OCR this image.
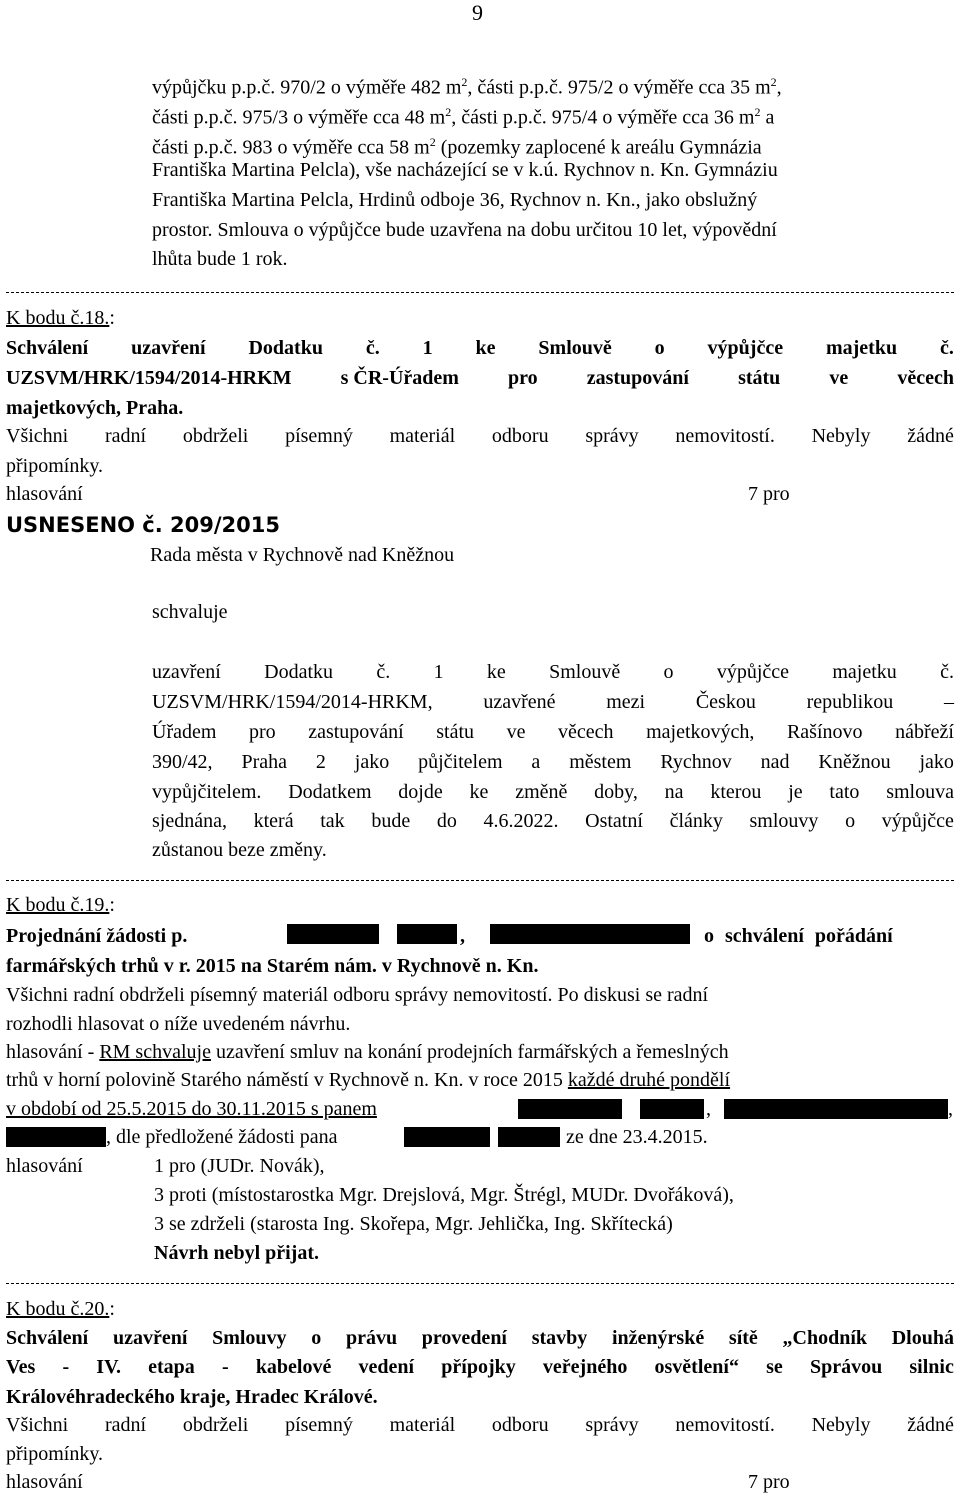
9
výpůjčku p.p.č. 970/2 o výměře 482 $m^2$, části p.p.č. 975/2 o výměře cca 35 $m^2$,
části p.p.č. 975/3 o výměře cca 48 $m^2$, části p.p.č. 975/4 o výměře cca 36 $m^2$ a
části p.p.č. 983 o výměře cca 58 $m^2$ (pozemky zaplocené k areálu Gymnázia
Františka Martina Pelcla), vše nacházející se v k.ú. Rychnov n. Kn. Gymnáziu
Františka Martina Pelcla, Hrdinů odboje 36, Rychnov n. Kn., jako obslužný
prostor. Smlouva o výpůjčce bude uzavřena na dobu určitou 10 let, výpovědní
lhůta bude 1 rok.
K bodu č.18.:
Schválení uzavření Dodatku č. 1 ke Smlouvě o výpůjčce majetku č.
UZSVM/HRK/1594/2014-HRKM s ČR-Úřadem pro zastupování státu ve věcech
majetkových, Praha.
Všichni radní obdrželi písemný materiál odboru správy nemovitostí. Nebyly žádné
připomínky.
hlasování	7 pro
USNESENO č. 209/2015
Rada města v Rychnově nad Kněžnou
schvaluje
uzavření Dodatku č. 1 ke Smlouvě o výpůjčce majetku č.
UZSVM/HRK/1594/2014-HRKM,	uzavřené	mezi	Českou	republikou	–
Úřadem pro zastupování státu ve věcech majetkových, Rašínovo nábřeží
390/42, Praha 2 jako půjčitelem a městem Rychnov nad Kněžnou jako
vypůjčitelem. Dodatkem dojde ke změně doby, na kterou je tato smlouva
sjednána, která tak bude do 4.6.2022. Ostatní články smlouvy o výpůjčce
zůstanou beze změny.
K bodu č.19.:
Projednání žádosti p.	,	o schválení pořádání
farmářských trhů v r. 2015 na Starém nám. v Rychnově n. Kn.
Všichni radní obdrželi písemný materiál odboru správy nemovitostí. Po diskusi se radní
rozhodli hlasovat o níže uvedeném návrhu.
hlasování - RM schvaluje uzavření smluv na konání prodejních farmářských a řemeslných
trhů v horní polovině Starého náměstí v Rychnově n. Kn. v roce 2015 každé druhé pondělí
v období od 25.5.2015 do 30.11.2015 s panem	,	,
, dle předložené žádosti pana	ze dne 23.4.2015.
hlasování	1 pro (JUDr. Novák),
3 proti (místostarostka Mgr. Drejslová, Mgr. Štrégl, MUDr. Dvořáková),
3 se zdrželi (starosta Ing. Skořepa, Mgr. Jehlička, Ing. Skřítecká)
Návrh nebyl přijat.
K bodu č.20.:
Schválení uzavření Smlouvy o právu provedení stavby inženýrské sítě „Chodník Dlouhá
Ves - IV. etapa - kabelové vedení přípojky veřejného osvětlení“ se Správou silnic
Královéhradeckého kraje, Hradec Králové.
Všichni radní obdrželi písemný materiál odboru správy nemovitostí. Nebyly žádné
připomínky.
hlasování	7 pro
